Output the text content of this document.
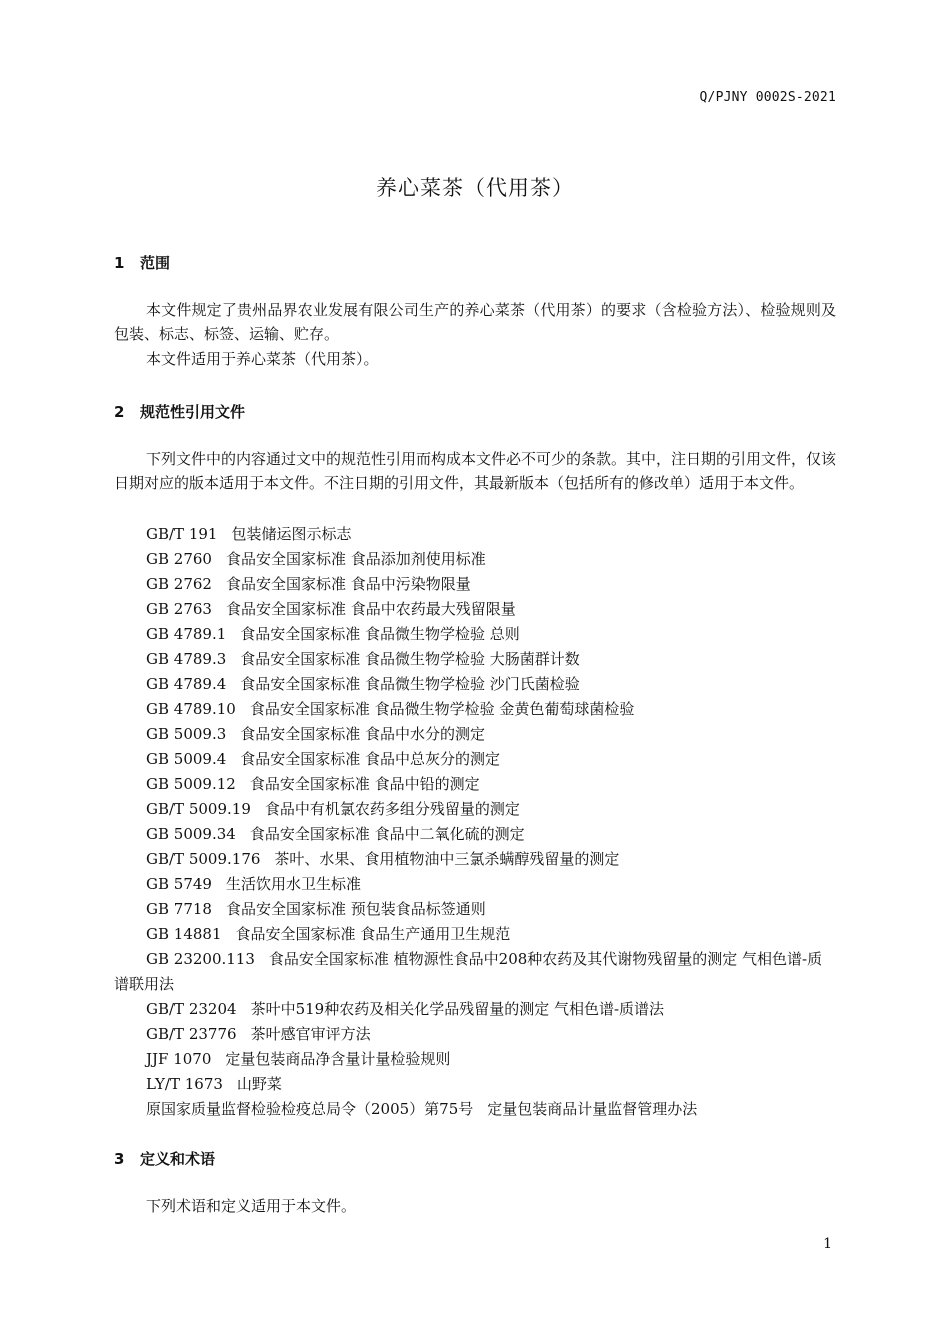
Q/PJNY 0002S-2021
养心菜茶（代用茶）
1 范围
本文件规定了贵州品界农业发展有限公司生产的养心菜茶（代用茶）的要求（含检验方法）、检验规则及包装、标志、标签、运输、贮存。
本文件适用于养心菜茶（代用茶）。
2 规范性引用文件
下列文件中的内容通过文中的规范性引用而构成本文件必不可少的条款。其中，注日期的引用文件，仅该日期对应的版本适用于本文件。不注日期的引用文件，其最新版本（包括所有的修改单）适用于本文件。
GB/T 191 包装储运图示标志
GB 2760 食品安全国家标准 食品添加剂使用标准
GB 2762 食品安全国家标准 食品中污染物限量
GB 2763 食品安全国家标准 食品中农药最大残留限量
GB 4789.1 食品安全国家标准 食品微生物学检验 总则
GB 4789.3 食品安全国家标准 食品微生物学检验 大肠菌群计数
GB 4789.4 食品安全国家标准 食品微生物学检验 沙门氏菌检验
GB 4789.10 食品安全国家标准 食品微生物学检验 金黄色葡萄球菌检验
GB 5009.3 食品安全国家标准 食品中水分的测定
GB 5009.4 食品安全国家标准 食品中总灰分的测定
GB 5009.12 食品安全国家标准 食品中铅的测定
GB/T 5009.19 食品中有机氯农药多组分残留量的测定
GB 5009.34 食品安全国家标准 食品中二氧化硫的测定
GB/T 5009.176 茶叶、水果、食用植物油中三氯杀螨醇残留量的测定
GB 5749 生活饮用水卫生标准
GB 7718 食品安全国家标准 预包装食品标签通则
GB 14881 食品安全国家标准 食品生产通用卫生规范
GB 23200.113 食品安全国家标准 植物源性食品中208种农药及其代谢物残留量的测定 气相色谱-质谱联用法
GB/T 23204 茶叶中519种农药及相关化学品残留量的测定 气相色谱-质谱法
GB/T 23776 茶叶感官审评方法
JJF 1070 定量包装商品净含量计量检验规则
LY/T 1673 山野菜
原国家质量监督检验检疫总局令（2005）第75号 定量包装商品计量监督管理办法
3 定义和术语
下列术语和定义适用于本文件。
1
